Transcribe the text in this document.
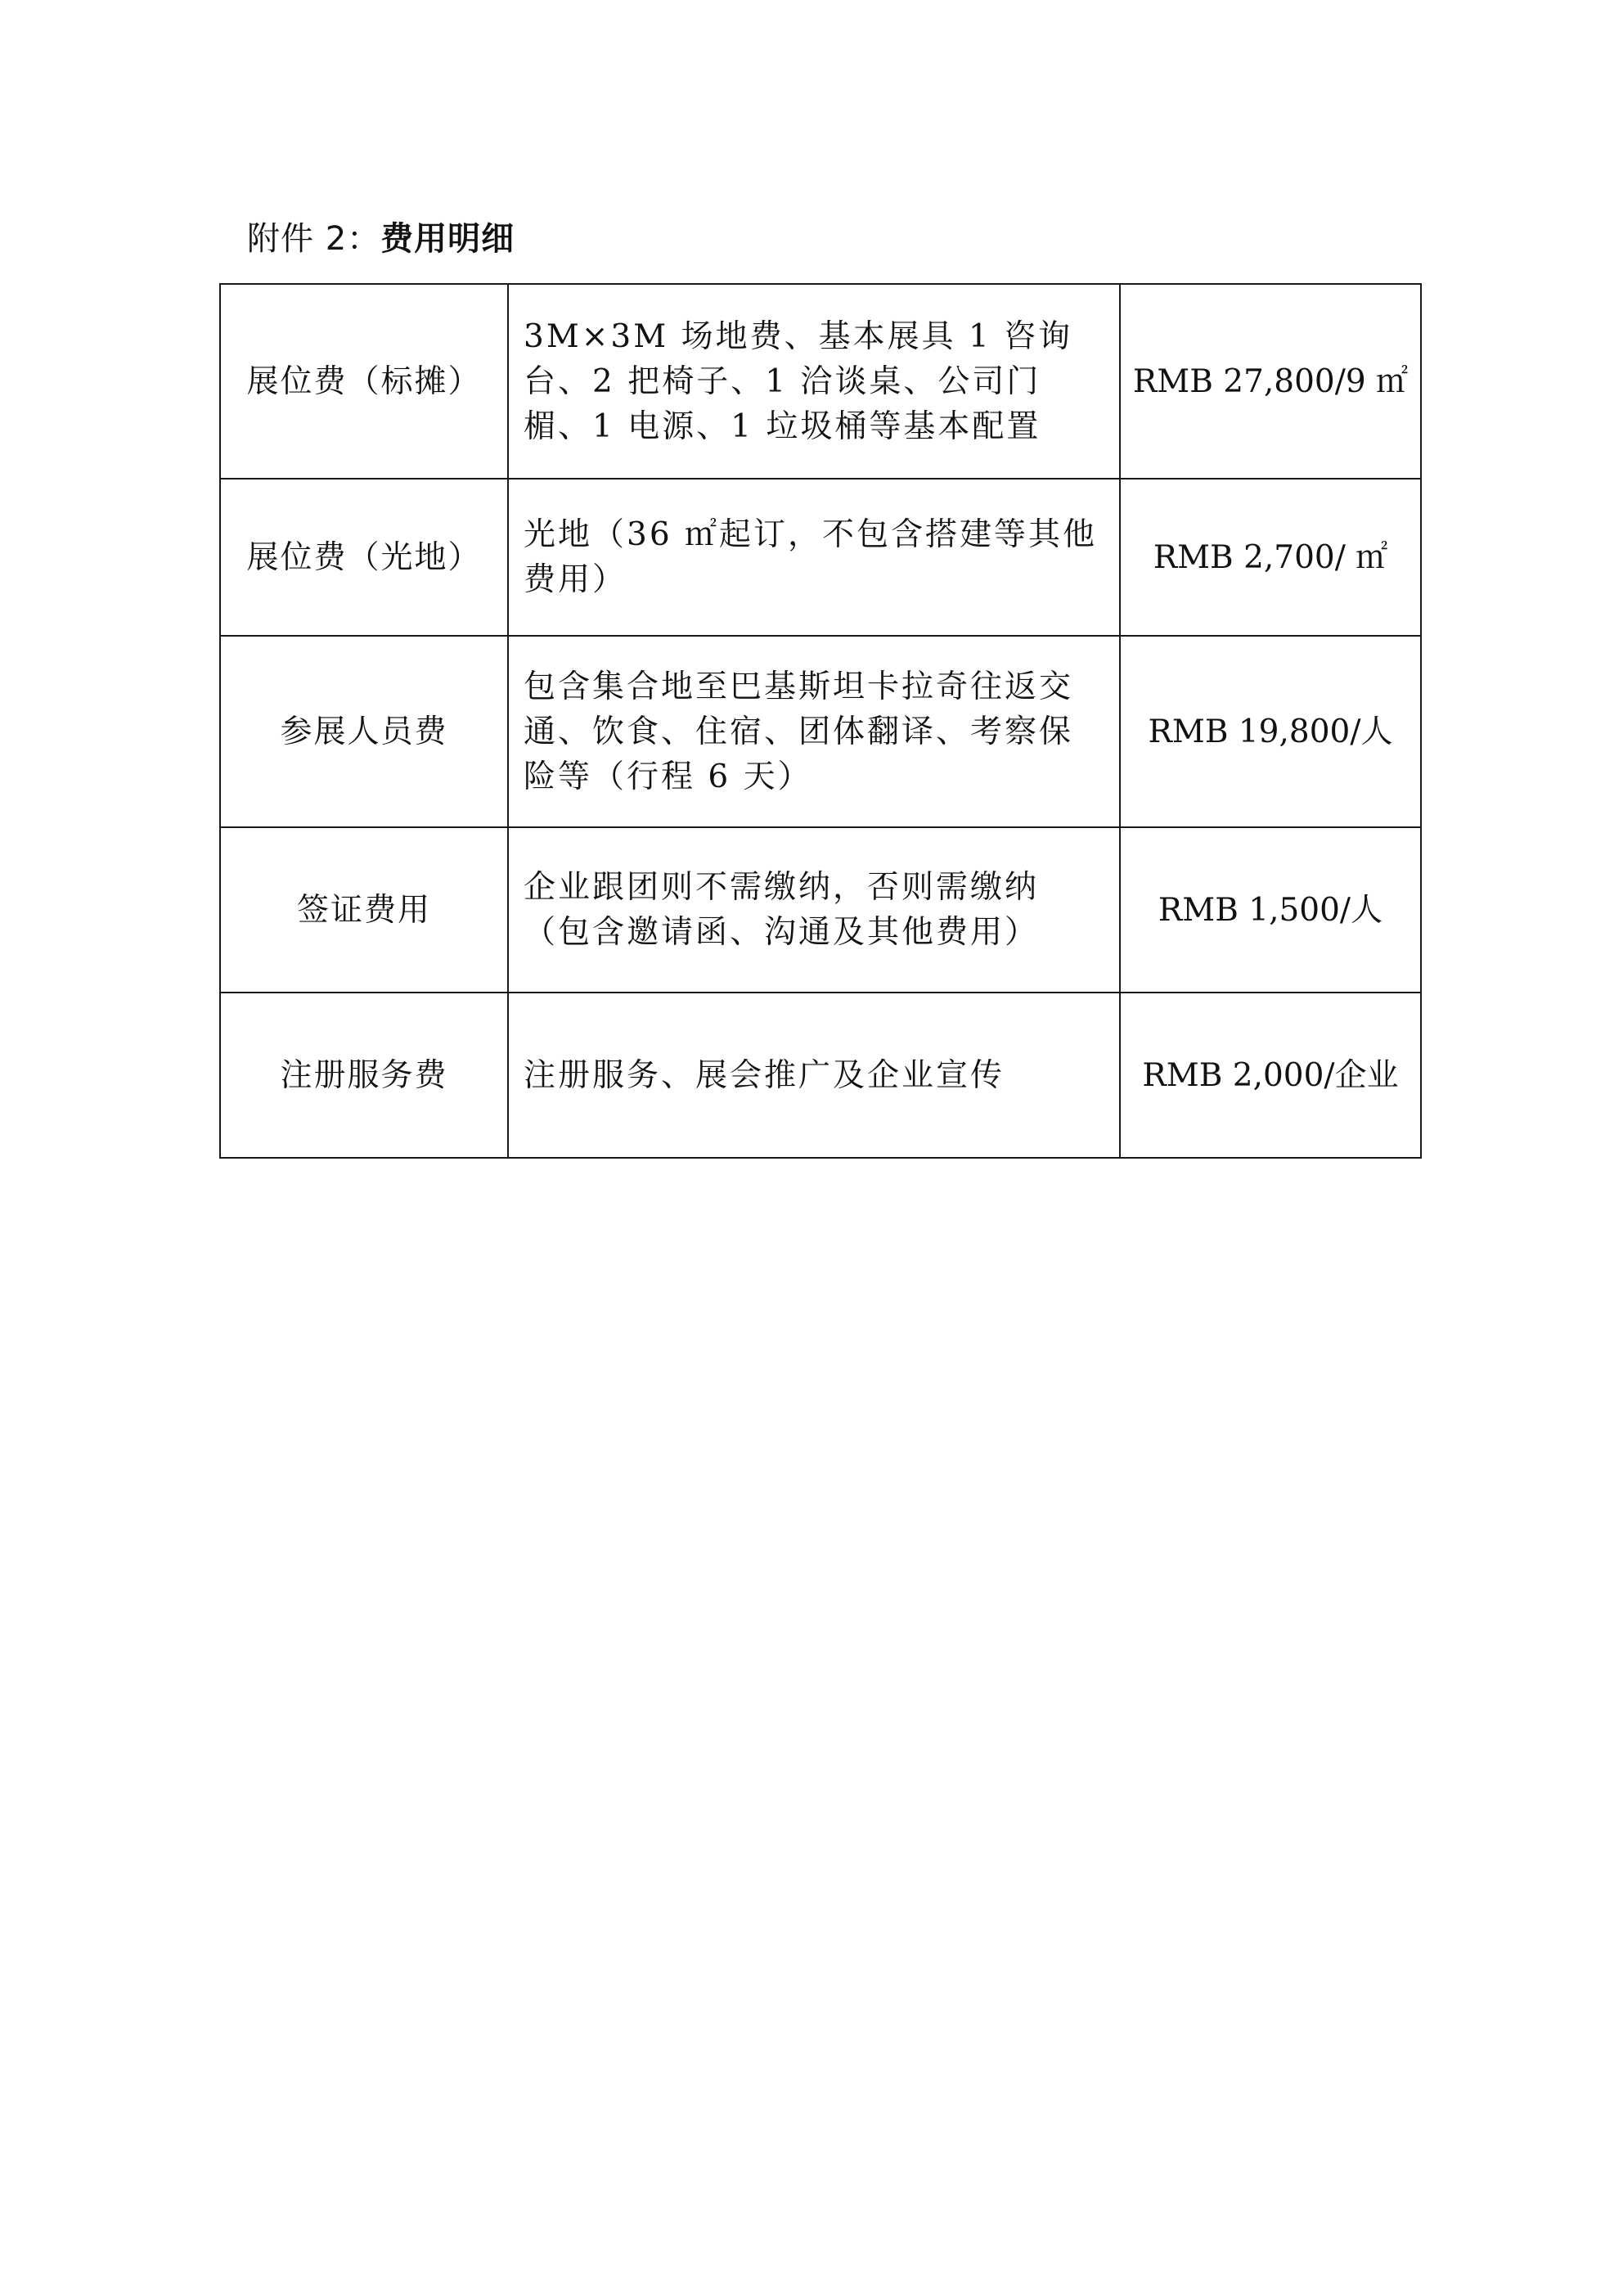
附件 2：费用明细
展位费（标摊）	3M×3M 场地费、基本展具 1 咨询台、2 把椅子、1 洽谈桌、公司门楣、1 电源、1 垃圾桶等基本配置	RMB 27,800/9 ㎡
展位费（光地）	光地（36 ㎡起订，不包含搭建等其他费用）	RMB 2,700/ ㎡
参展人员费	包含集合地至巴基斯坦卡拉奇往返交通、饮食、住宿、团体翻译、考察保险等（行程 6 天）	RMB 19,800/人
签证费用	企业跟团则不需缴纳，否则需缴纳（包含邀请函、沟通及其他费用）	RMB 1,500/人
注册服务费	注册服务、展会推广及企业宣传	RMB 2,000/企业
